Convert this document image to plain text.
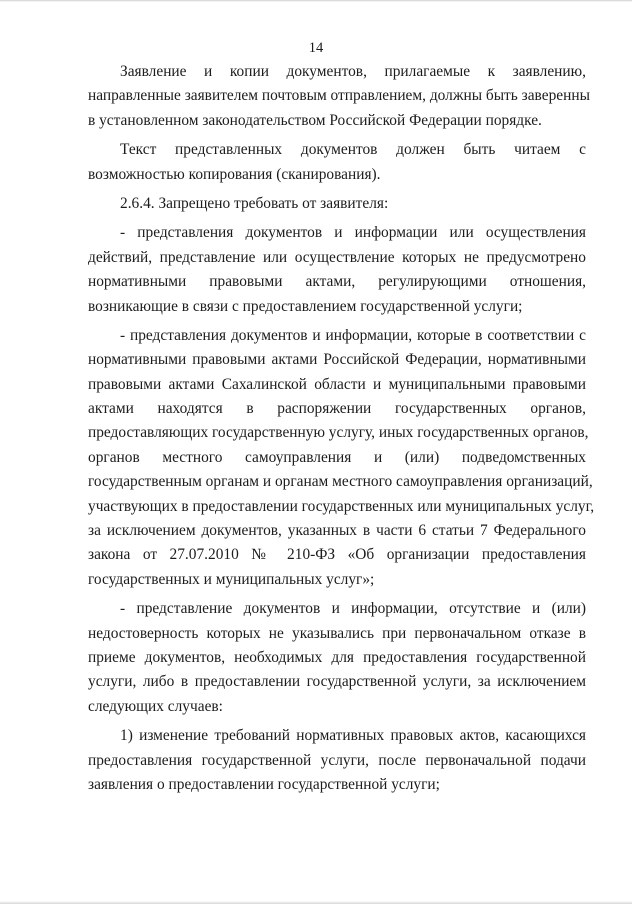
14
Заявление и копии документов, прилагаемые к заявлению,
направленные заявителем почтовым отправлением, должны быть заверенны
в установленном законодательством Российской Федерации порядке.
Текст представленных документов должен быть читаем с
возможностью копирования (сканирования).
2.6.4. Запрещено требовать от заявителя:
- представления документов и информации или осуществления
действий, представление или осуществление которых не предусмотрено
нормативными правовыми актами, регулирующими отношения,
возникающие в связи с предоставлением государственной услуги;
- представления документов и информации, которые в соответствии с
нормативными правовыми актами Российской Федерации, нормативными
правовыми актами Сахалинской области и муниципальными правовыми
актами находятся в распоряжении государственных органов,
предоставляющих государственную услугу, иных государственных органов,
органов местного самоуправления и (или) подведомственных
государственным органам и органам местного самоуправления организаций,
участвующих в предоставлении государственных или муниципальных услуг,
за исключением документов, указанных в части 6 статьи 7 Федерального
закона от 27.07.2010 № 210-ФЗ «Об организации предоставления
государственных и муниципальных услуг»;
- представление документов и информации, отсутствие и (или)
недостоверность которых не указывались при первоначальном отказе в
приеме документов, необходимых для предоставления государственной
услуги, либо в предоставлении государственной услуги, за исключением
следующих случаев:
1) изменение требований нормативных правовых актов, касающихся
предоставления государственной услуги, после первоначальной подачи
заявления о предоставлении государственной услуги;
